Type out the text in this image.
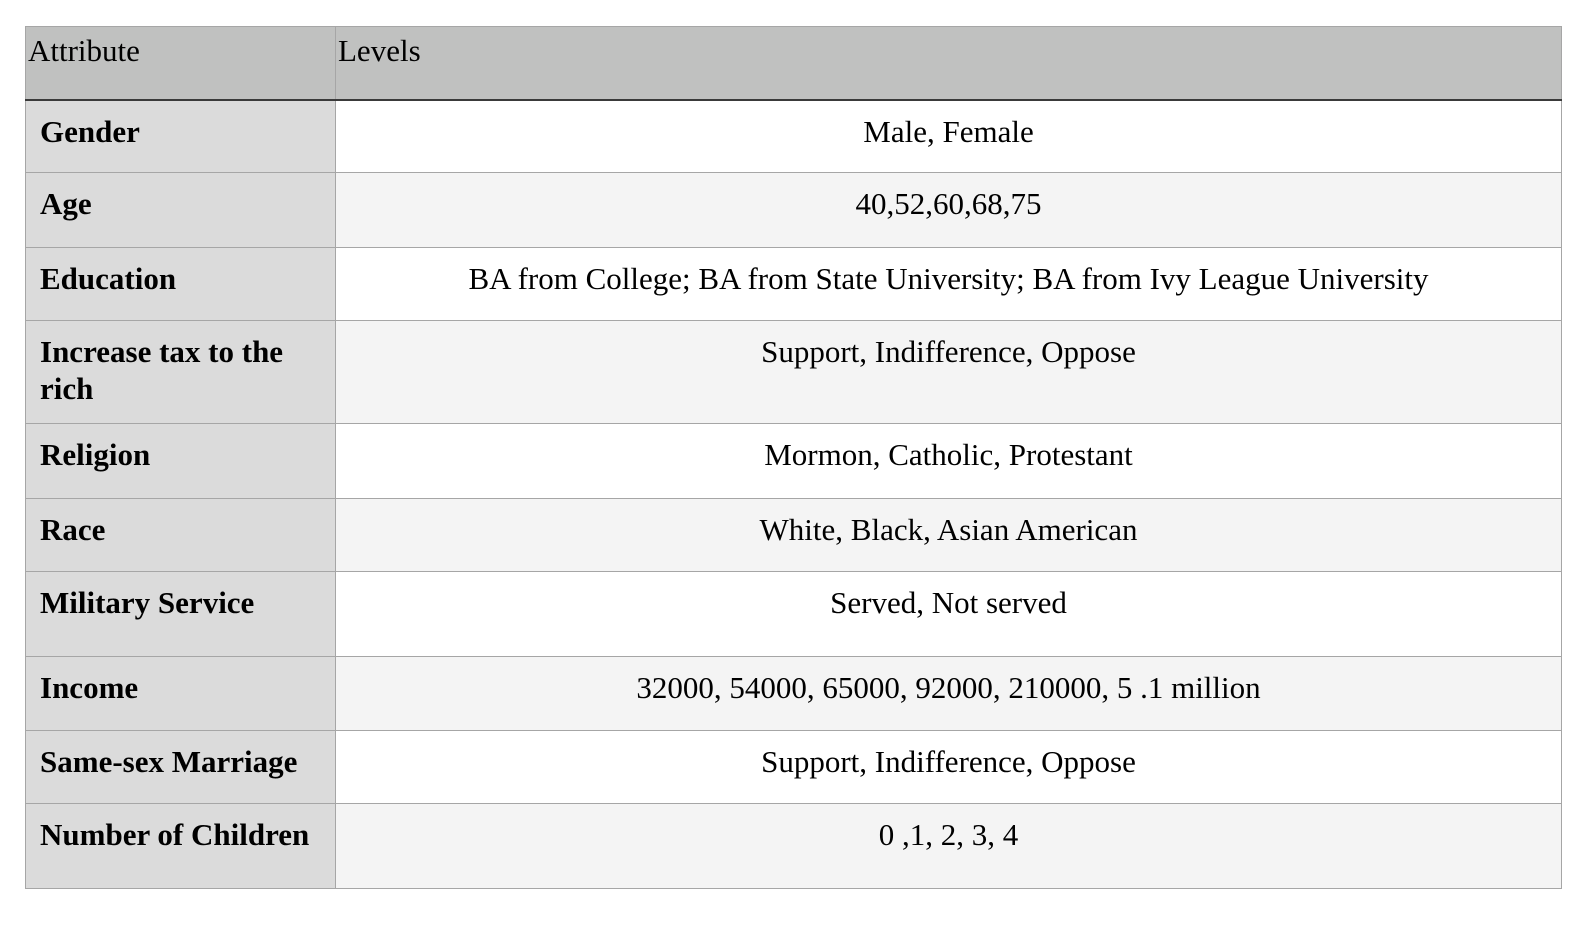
Attribute	Levels
Gender	Male, Female
Age	40,52,60,68,75
Education	BA from College; BA from State University; BA from Ivy League University
Increase tax to the rich	Support, Indifference, Oppose
Religion	Mormon, Catholic, Protestant
Race	White, Black, Asian American
Military Service	Served, Not served
Income	32000, 54000, 65000, 92000, 210000, 5 .1 million
Same-sex Marriage	Support, Indifference, Oppose
Number of Children	0 ,1, 2, 3, 4
